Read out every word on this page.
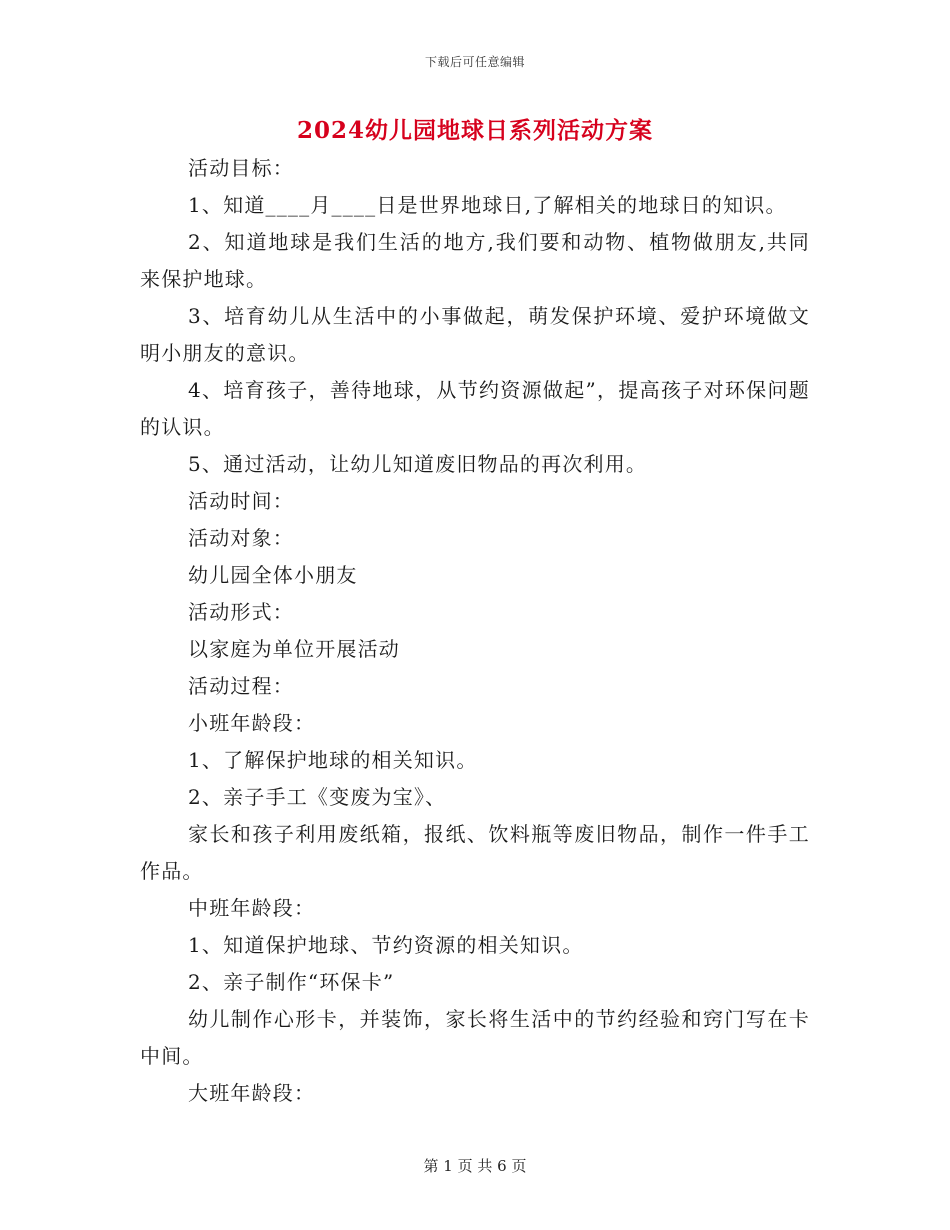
下载后可任意编辑
2024幼儿园地球日系列活动方案

活动目标：

1、知道____月____日是世界地球日,了解相关的地球日的知识。

2、知道地球是我们生活的地方,我们要和动物、植物做朋友,共同来保护地球。

3、培育幼儿从生活中的小事做起，萌发保护环境、爱护环境做文明小朋友的意识。

4、培育孩子，善待地球，从节约资源做起”，提高孩子对环保问题的认识。

5、通过活动，让幼儿知道废旧物品的再次利用。

活动时间：

活动对象：

幼儿园全体小朋友

活动形式：

以家庭为单位开展活动

活动过程：

小班年龄段：

1、了解保护地球的相关知识。

2、亲子手工《变废为宝》、

家长和孩子利用废纸箱，报纸、饮料瓶等废旧物品，制作一件手工作品。

中班年龄段：

1、知道保护地球、节约资源的相关知识。

2、亲子制作“环保卡”

幼儿制作心形卡，并装饰，家长将生活中的节约经验和窍门写在卡中间。

大班年龄段：

第 1 页 共 6 页
